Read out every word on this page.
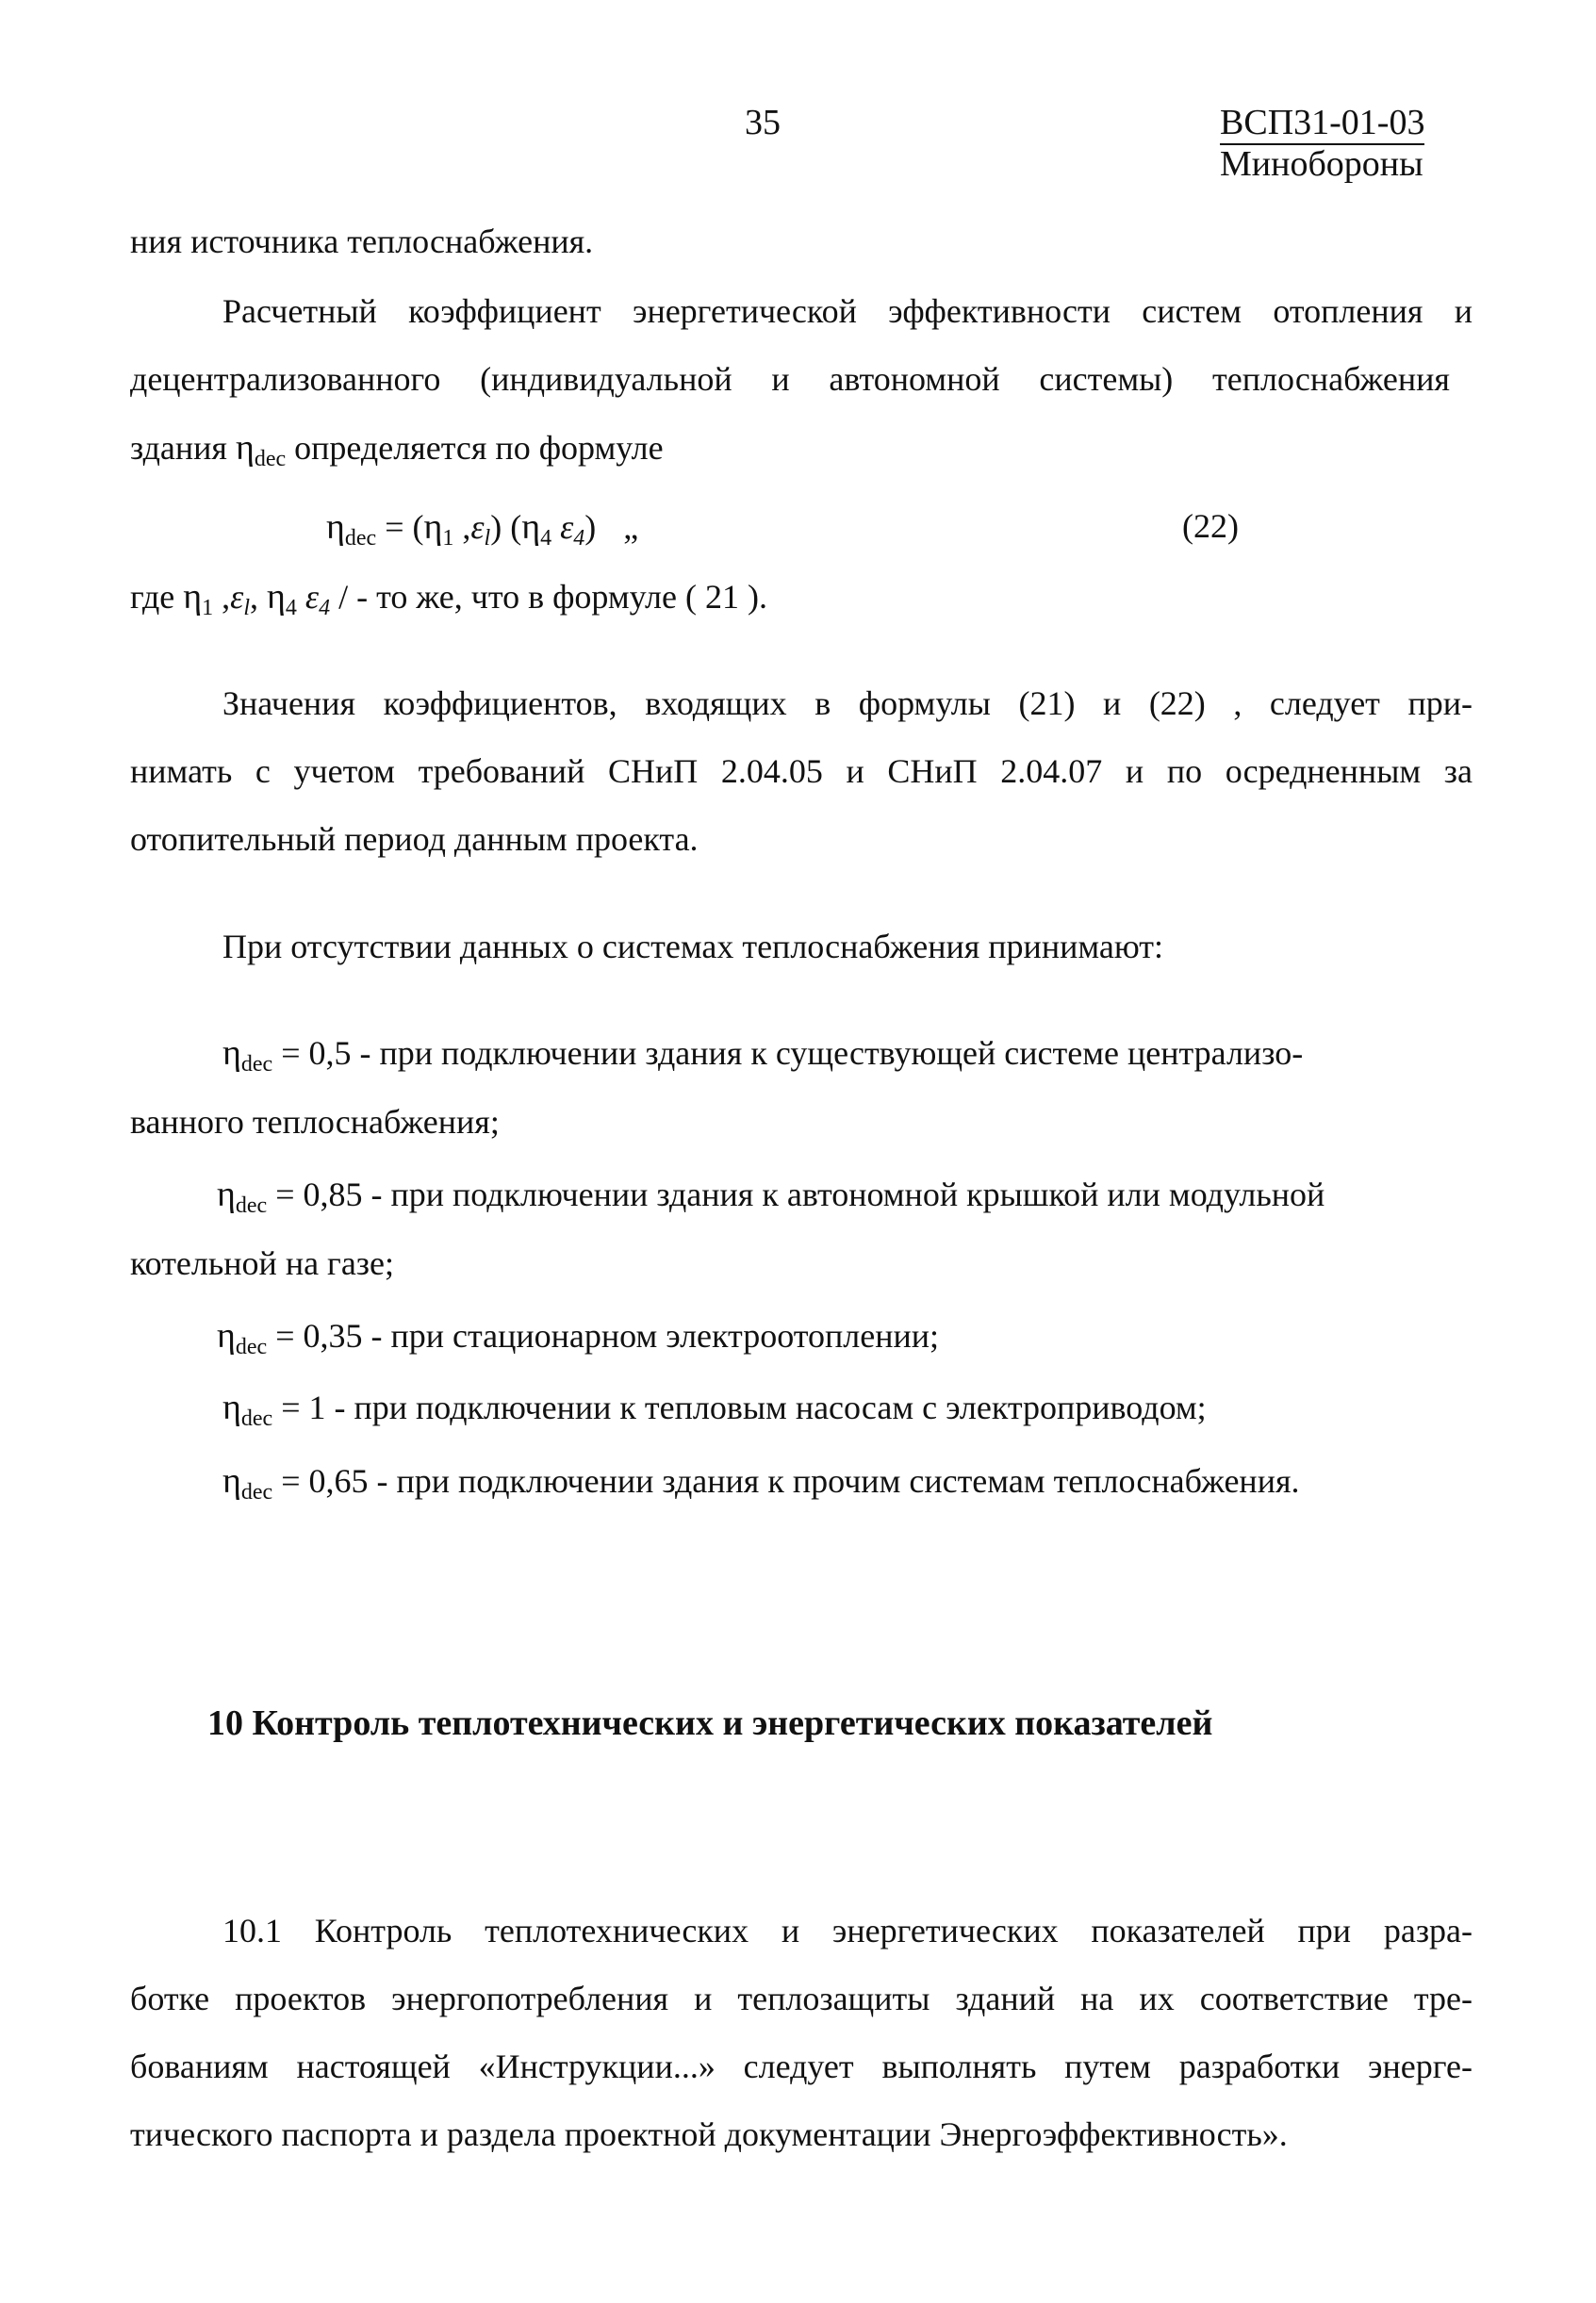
35	ВСП31-01-03
Минобороны
ния источника теплоснабжения.
Расчетный коэффициент энергетической эффективности систем отопления и
децентрализованного (индивидуальной и автономной системы) теплоснабжения
здания $\eta_{dec}$ определяется по формуле
$\eta_{dec} = (\eta_1$ $,\varepsilon_l$) ($\eta_4$ $\varepsilon_4$) „	(22)
где $\eta_1$ $,\varepsilon_l$, $\eta_4$ $\varepsilon_4$ / - то же, что в формуле ( 21 ).
Значения коэффициентов, входящих в формулы (21) и (22) , следует при-
нимать с учетом требований СНиП 2.04.05 и СНиП 2.04.07 и по осредненным за
отопительный период данным проекта.
При отсутствии данных о системах теплоснабжения принимают:
$\eta_{dec} = 0,5$ - при подключении здания к существующей системе централизо-
ванного теплоснабжения;
$\eta_{dec} = 0,85$ - при подключении здания к автономной крышкой или модульной
котельной на газе;
$\eta_{dec} = 0,35$ - при стационарном электроотоплении;
$\eta_{dec} = 1$ - при подключении к тепловым насосам с электроприводом;
$\eta_{dec} = 0,65$ - при подключении здания к прочим системам теплоснабжения.
10 Контроль теплотехнических и энергетических показателей
10.1 Контроль теплотехнических и энергетических показателей при разра-
ботке проектов энергопотребления и теплозащиты зданий на их соответствие тре-
бованиям настоящей «Инструкции...» следует выполнять путем разработки энерге-
тического паспорта и раздела проектной документации Энергоэффективность».
